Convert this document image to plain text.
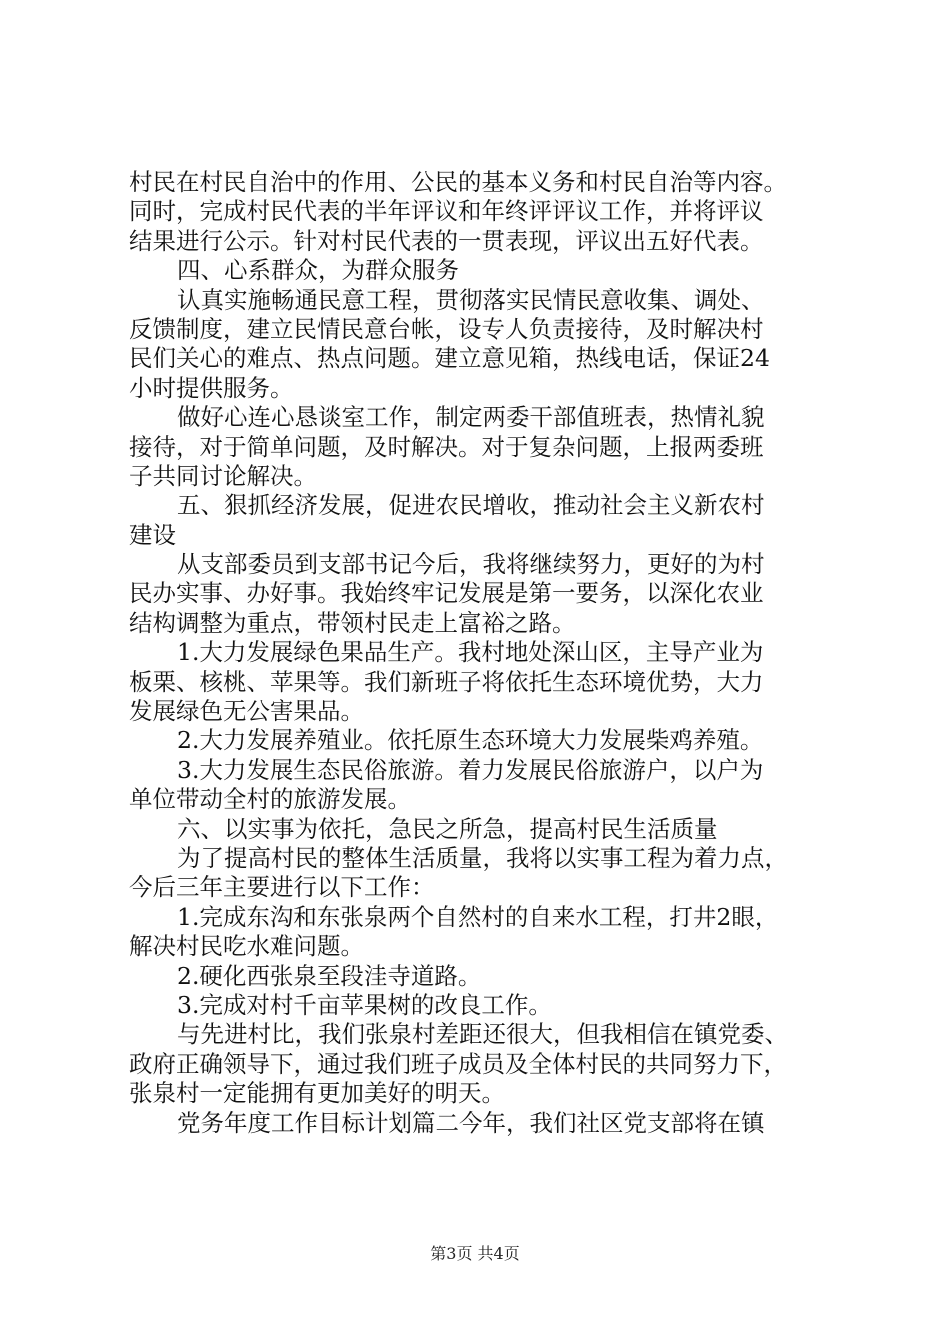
村民在村民自治中的作用、公民的基本义务和村民自治等内容。
同时，完成村民代表的半年评议和年终评评议工作，并将评议
结果进行公示。针对村民代表的一贯表现，评议出五好代表。
四、心系群众，为群众服务
认真实施畅通民意工程，贯彻落实民情民意收集、调处、
反馈制度，建立民情民意台帐，设专人负责接待，及时解决村
民们关心的难点、热点问题。建立意见箱，热线电话，保证24
小时提供服务。
做好心连心恳谈室工作，制定两委干部值班表，热情礼貌
接待，对于简单问题，及时解决。对于复杂问题，上报两委班
子共同讨论解决。
五、狠抓经济发展，促进农民增收，推动社会主义新农村
建设
从支部委员到支部书记今后，我将继续努力，更好的为村
民办实事、办好事。我始终牢记发展是第一要务，以深化农业
结构调整为重点，带领村民走上富裕之路。
1.大力发展绿色果品生产。我村地处深山区，主导产业为
板栗、核桃、苹果等。我们新班子将依托生态环境优势，大力
发展绿色无公害果品。
2.大力发展养殖业。依托原生态环境大力发展柴鸡养殖。
3.大力发展生态民俗旅游。着力发展民俗旅游户，以户为
单位带动全村的旅游发展。
六、以实事为依托，急民之所急，提高村民生活质量
为了提高村民的整体生活质量，我将以实事工程为着力点，
今后三年主要进行以下工作：
1.完成东沟和东张泉两个自然村的自来水工程，打井2眼，
解决村民吃水难问题。
2.硬化西张泉至段洼寺道路。
3.完成对村千亩苹果树的改良工作。
与先进村比，我们张泉村差距还很大，但我相信在镇党委、
政府正确领导下，通过我们班子成员及全体村民的共同努力下，
张泉村一定能拥有更加美好的明天。
党务年度工作目标计划篇二今年，我们社区党支部将在镇
第3页 共4页
